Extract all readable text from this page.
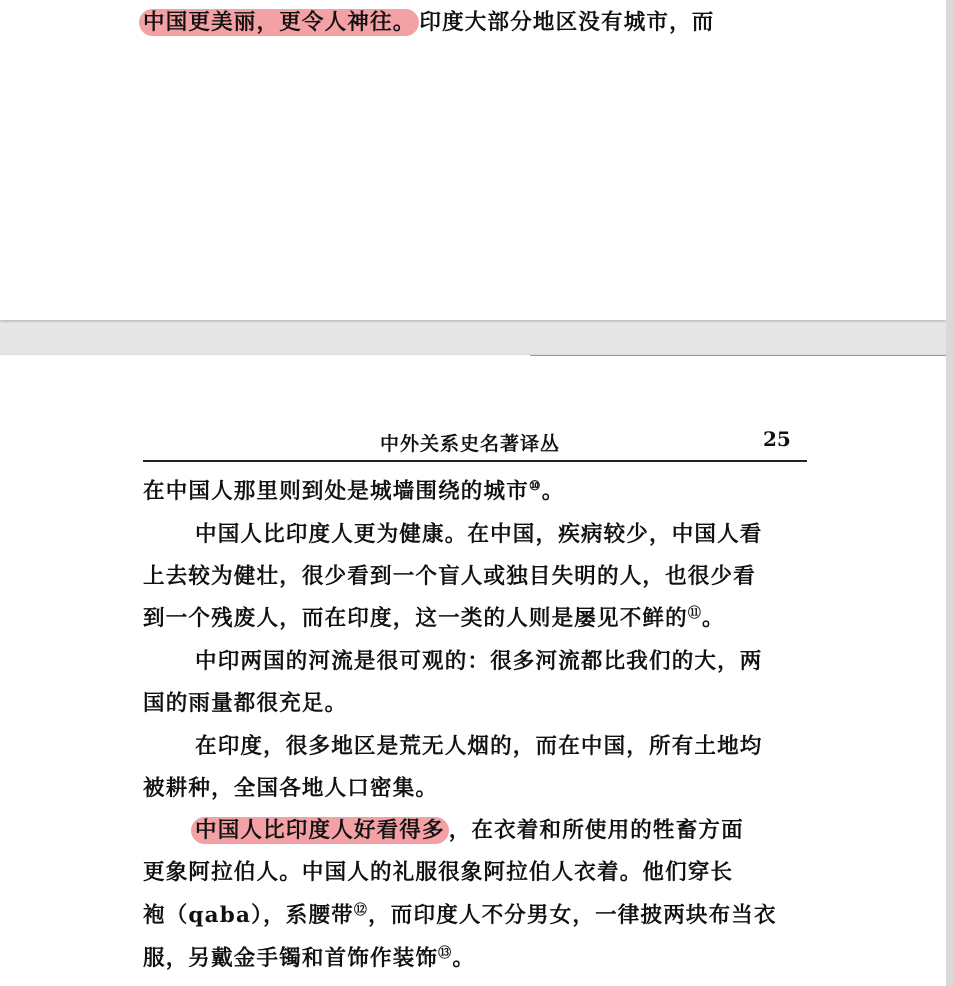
中国更美丽，更令人神往。 印度大部分地区没有城市，而
中外关系史名著译丛	25
在中国人那里则到处是城墙围绕的城市⑩。
中国人比印度人更为健康。在中国，疾病较少，中国人看
上去较为健壮，很少看到一个盲人或独目失明的人，也很少看
到一个残废人，而在印度，这一类的人则是屡见不鲜的⑪。
中印两国的河流是很可观的：很多河流都比我们的大，两
国的雨量都很充足。
在印度，很多地区是荒无人烟的，而在中国，所有土地均
被耕种，全国各地人口密集。
中国人比印度人好看得多 ，在衣着和所使用的牲畜方面
更象阿拉伯人。中国人的礼服很象阿拉伯人衣着。他们穿长
袍（qaba），系腰带⑫，而印度人不分男女，一律披两块布当衣
服，另戴金手镯和首饰作装饰⑬。
